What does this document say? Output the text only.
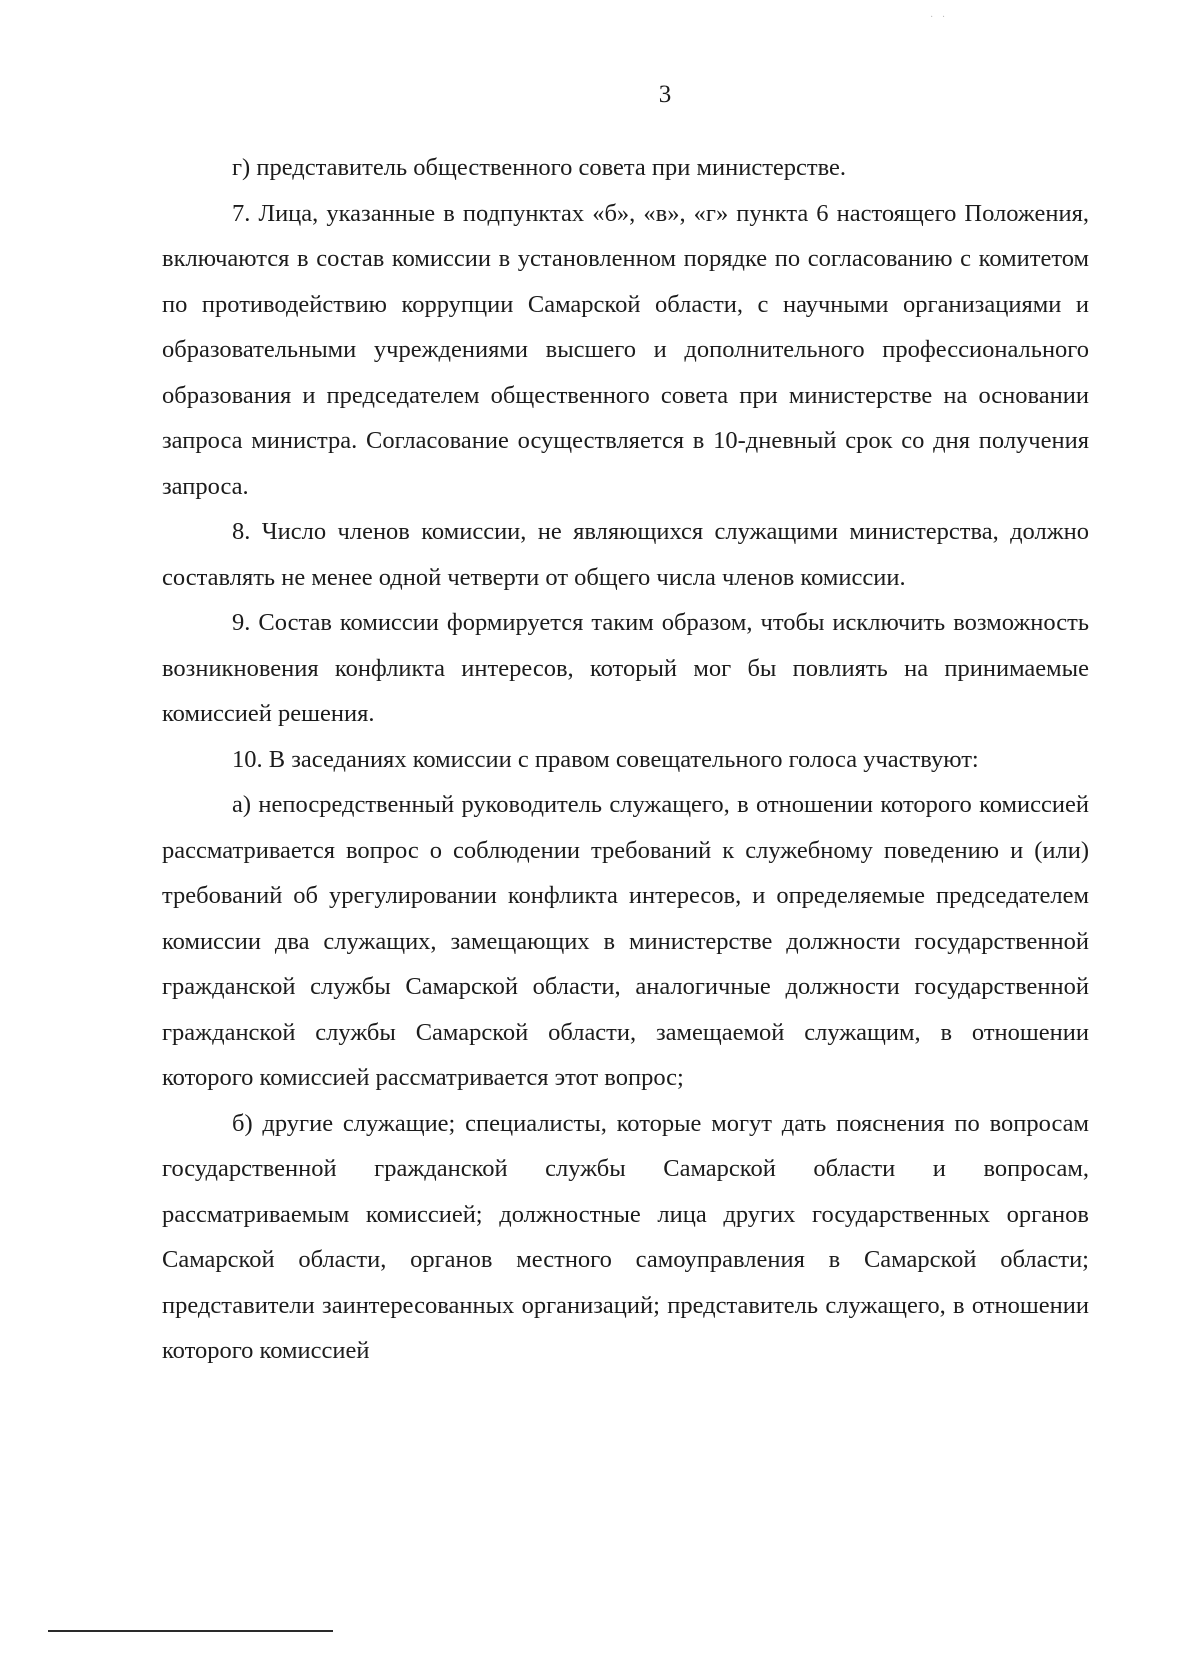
· ·
3

г) представитель общественного совета при министерстве.

7. Лица, указанные в подпунктах «б», «в», «г» пункта 6 настоящего Положения, включаются в состав комиссии в установленном порядке по согласованию с комитетом по противодействию коррупции Самарской области, с научными организациями и образовательными учреждениями высшего и дополнительного профессионального образования и председателем общественного совета при министерстве на основании запроса министра. Согласование осуществляется в 10-дневный срок со дня получения запроса.

8. Число членов комиссии, не являющихся служащими министерства, должно составлять не менее одной четверти от общего числа членов комиссии.

9. Состав комиссии формируется таким образом, чтобы исключить возможность возникновения конфликта интересов, который мог бы повлиять на принимаемые комиссией решения.

10. В заседаниях комиссии с правом совещательного голоса участвуют:

а) непосредственный руководитель служащего, в отношении которого комиссией рассматривается вопрос о соблюдении требований к служебному поведению и (или) требований об урегулировании конфликта интересов, и определяемые председателем комиссии два служащих, замещающих в министерстве должности государственной гражданской службы Самарской области, аналогичные должности государственной гражданской службы Самарской области, замещаемой служащим, в отношении которого комиссией рассматривается этот вопрос;

б) другие служащие; специалисты, которые могут дать пояснения по вопросам государственной гражданской службы Самарской области и вопросам, рассматриваемым комиссией; должностные лица других государственных органов Самарской области, органов местного самоуправления в Самарской области; представители заинтересованных организаций; представитель служащего, в отношении которого комиссией
